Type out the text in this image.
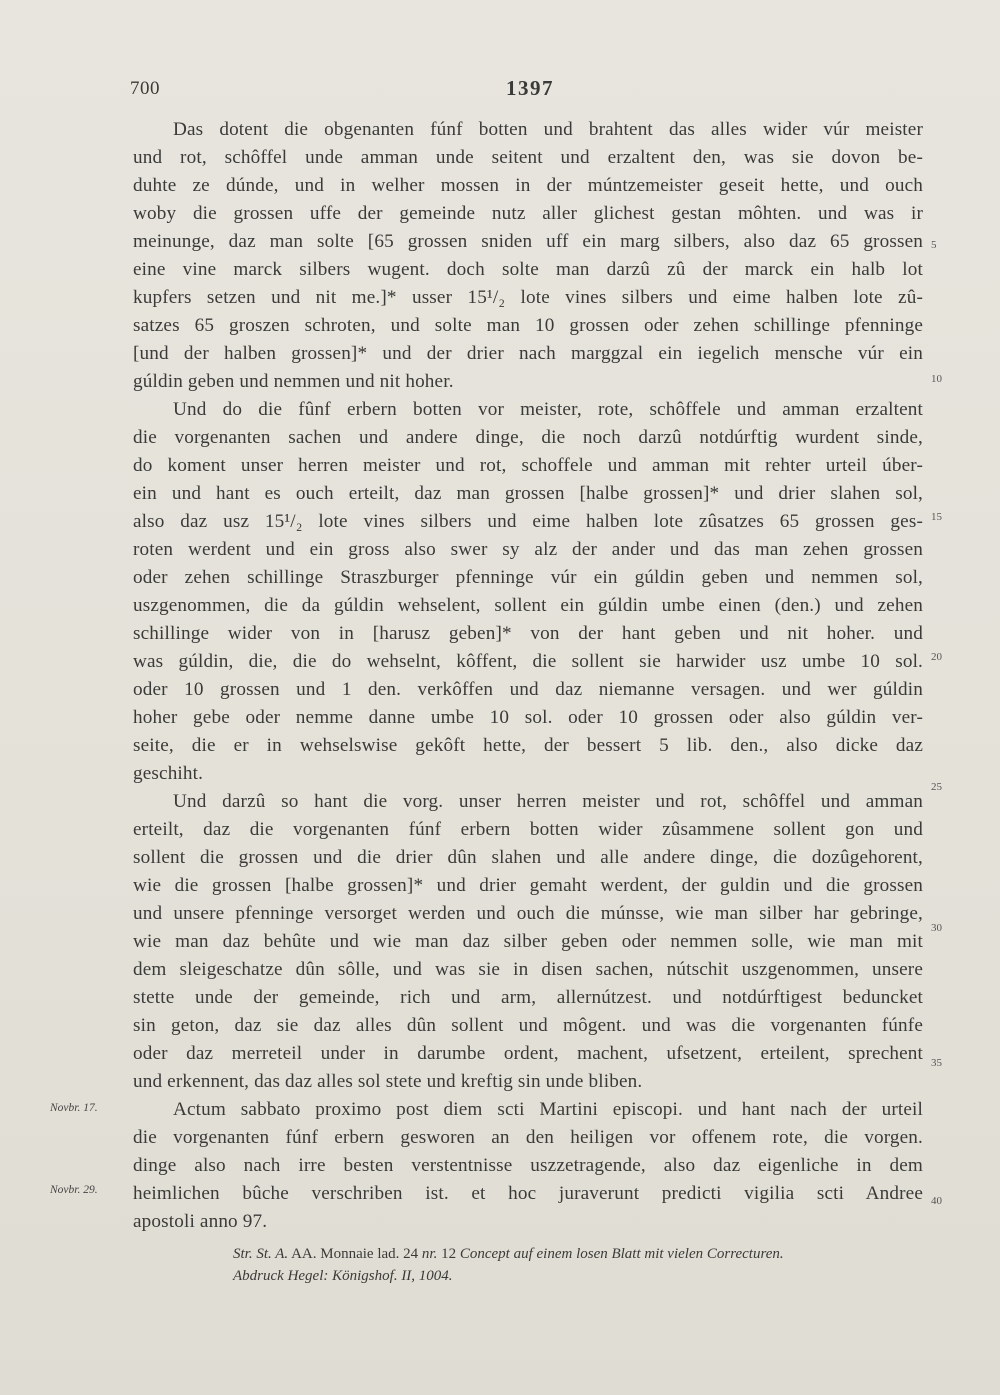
700	1397
Das dotent die obgenanten fúnf botten und brahtent das alles wider vúr meister
und rot, schôffel unde amman unde seitent und erzaltent den, was sie dovon be-
duhte ze dúnde, und in welher mossen in der múntzemeister geseit hette, und ouch
woby die grossen uffe der gemeinde nutz aller glichest gestan môhten. und was ir
meinunge, daz man solte [65 grossen sniden uff ein marg silbers, also daz 65 grossen
eine vine marck silbers wugent. doch solte man darzû zû der marck ein halb lot
kupfers setzen und nit me.]* usser 15¹/₂ lote vines silbers und eime halben lote zû-
satzes 65 groszen schroten, und solte man 10 grossen oder zehen schillinge pfenninge
[und der halben grossen]* und der drier nach marggzal ein iegelich mensche vúr ein
gúldin geben und nemmen und nit hoher.
Und do die fûnf erbern botten vor meister, rote, schôffele und amman erzaltent
die vorgenanten sachen und andere dinge, die noch darzû notdúrftig wurdent sinde,
do koment unser herren meister und rot, schoffele und amman mit rehter urteil úber-
ein und hant es ouch erteilt, daz man grossen [halbe grossen]* und drier slahen sol,
also daz usz 15¹/₂ lote vines silbers und eime halben lote zûsatzes 65 grossen ges-
roten werdent und ein gross also swer sy alz der ander und das man zehen grossen
oder zehen schillinge Straszburger pfenninge vúr ein gúldin geben und nemmen sol,
uszgenommen, die da gúldin wehselent, sollent ein gúldin umbe einen (den.) und zehen
schillinge wider von in [harusz geben]* von der hant geben und nit hoher. und
was gúldin, die, die do wehselnt, kôffent, die sollent sie harwider usz umbe 10 sol.
oder 10 grossen und 1 den. verkôffen und daz niemanne versagen. und wer gúldin
hoher gebe oder nemme danne umbe 10 sol. oder 10 grossen oder also gúldin ver-
seite, die er in wehselswise gekôft hette, der bessert 5 lib. den., also dicke daz
geschiht.
Und darzû so hant die vorg. unser herren meister und rot, schôffel und amman
erteilt, daz die vorgenanten fúnf erbern botten wider zûsammene sollent gon und
sollent die grossen und die drier dûn slahen und alle andere dinge, die dozûgehorent,
wie die grossen [halbe grossen]* und drier gemaht werdent, der guldin und die grossen
und unsere pfenninge versorget werden und ouch die múnsse, wie man silber har gebringe,
wie man daz behûte und wie man daz silber geben oder nemmen solle, wie man mit
dem sleigeschatze dûn sôlle, und was sie in disen sachen, nútschit uszgenommen, unsere
stette unde der gemeinde, rich und arm, allernútzest. und notdúrftigest beduncket
sin geton, daz sie daz alles dûn sollent und môgent. und was die vorgenanten fúnfe
oder daz merreteil under in darumbe ordent, machent, ufsetzent, erteilent, sprechent
und erkennent, das daz alles sol stete und kreftig sin unde bliben.
Actum sabbato proximo post diem scti Martini episcopi. und hant nach der urteil
die vorgenanten fúnf erbern gesworen an den heiligen vor offenem rote, die vorgen.
dinge also nach irre besten verstentnisse uszzetragende, also daz eigenliche in dem
heimlichen bûche verschriben ist. et hoc juraverunt predicti vigilia scti Andree
apostoli anno 97.
5
10
15
20
25
30
35
40
Novbr. 17.
Novbr. 29.
Str. St. A. AA. Monnaie lad. 24 nr. 12 Concept auf einem losen Blatt mit vielen Correcturen.
Abdruck Hegel: Königshof. II, 1004.
